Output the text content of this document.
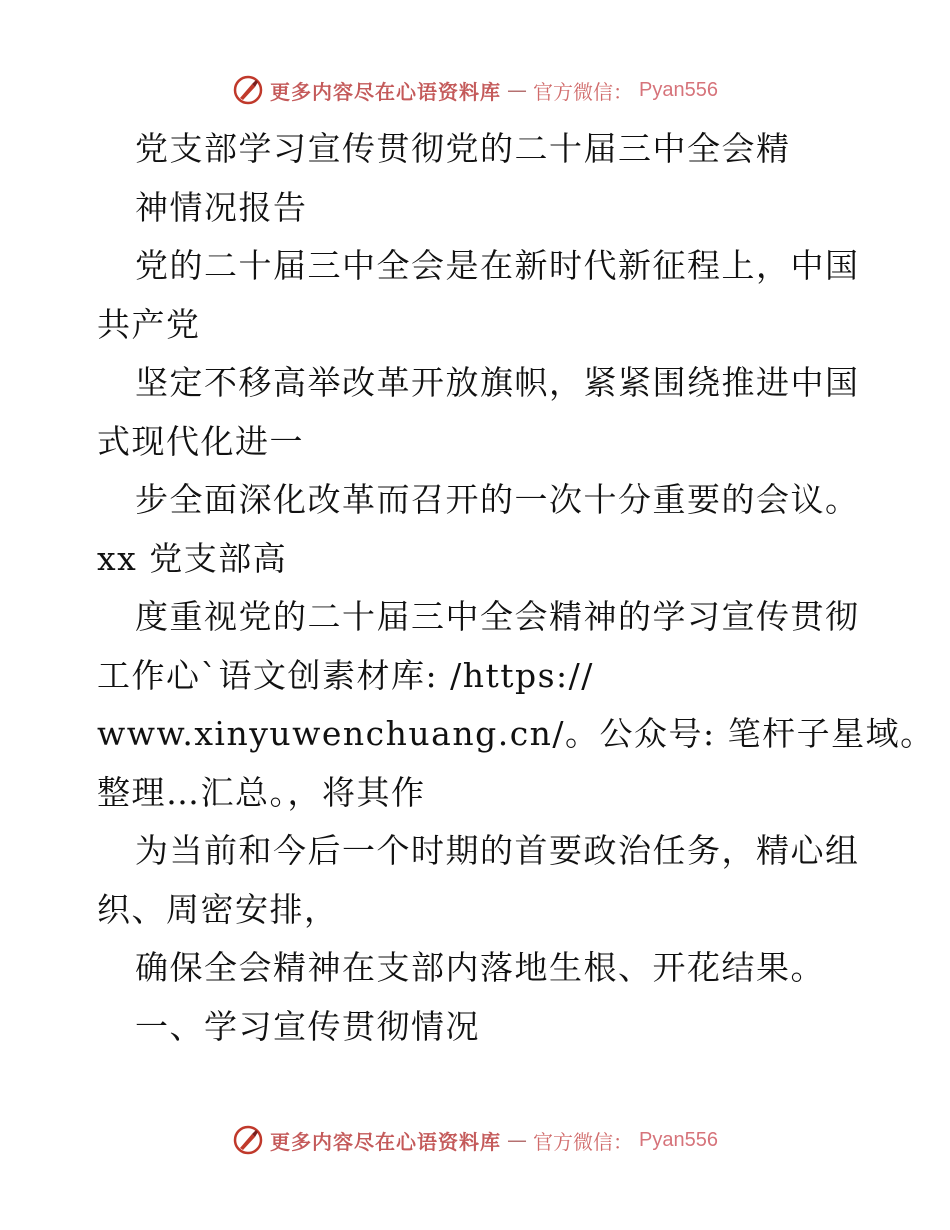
更多内容尽在心语资料库 — 官方微信： Pyan556
党支部学习宣传贯彻党的二十届三中全会精
神情况报告
党的二十届三中全会是在新时代新征程上，中国
共产党
坚定不移高举改革开放旗帜，紧紧围绕推进中国
式现代化进一
步全面深化改革而召开的一次十分重要的会议。
xx 党支部高
度重视党的二十届三中全会精神的学习宣传贯彻
工作心`语文创素材库: /https://
www.xinyuwenchuang.cn/。公众号: 笔杆子星域。
整理…汇总。，将其作
为当前和今后一个时期的首要政治任务，精心组
织、周密安排，
确保全会精神在支部内落地生根、开花结果。
一、学习宣传贯彻情况
更多内容尽在心语资料库 — 官方微信： Pyan556
